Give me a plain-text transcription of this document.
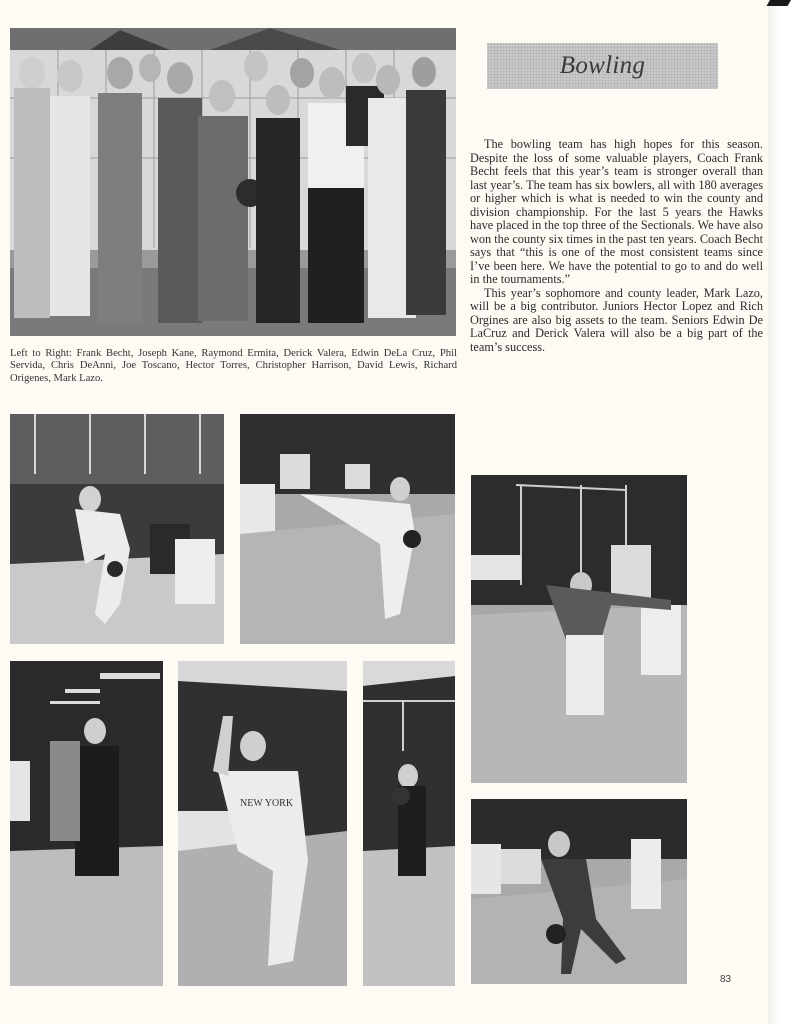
Bowling

The bowling team has high hopes for this season. Despite the loss of some valuable players, Coach Frank Becht feels that this year’s team is stronger overall than last year’s. The team has six bowlers, all with 180 averages or higher which is what is needed to win the county and division championship. For the last 5 years the Hawks have placed in the top three of the Sectionals. We have also won the county six times in the past ten years. Coach Becht says that “this is one of the most consistent teams since I’ve been here. We have the potential to go to and do well in the tournaments.”

This year’s sophomore and county leader, Mark Lazo, will be a big contributor. Juniors Hector Lopez and Rich Orgines are also big assets to the team. Seniors Edwin De LaCruz and Derick Valera will also be a big part of the team’s success.

Left to Right: Frank Becht, Joseph Kane, Raymond Ermita, Derick Valera, Edwin DeLa Cruz, Phil Servida, Chris DeAnni, Joe Toscano, Hector Torres, Christopher Harrison, David Lewis, Richard Origenes, Mark Lazo.
NEW YORK
83
